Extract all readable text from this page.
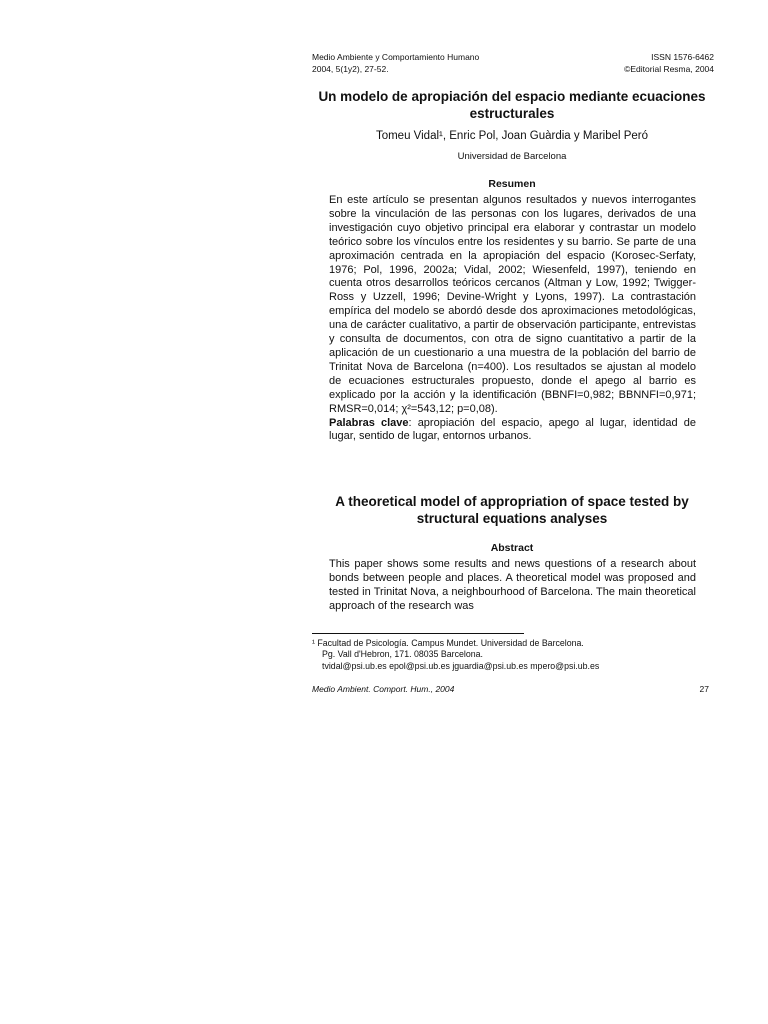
Medio Ambiente y Comportamiento Humano
2004, 5(1y2), 27-52.
ISSN 1576-6462
©Editorial Resma, 2004
Un modelo de apropiación del espacio mediante ecuaciones estructurales
Tomeu Vidal¹, Enric Pol, Joan Guàrdia y Maribel Peró
Universidad de Barcelona
Resumen
En este artículo se presentan algunos resultados y nuevos interrogantes sobre la vinculación de las personas con los lugares, derivados de una investigación cuyo objetivo principal era elaborar y contrastar un modelo teórico sobre los vínculos entre los residentes y su barrio. Se parte de una aproximación centrada en la apropiación del espacio (Korosec-Serfaty, 1976; Pol, 1996, 2002a; Vidal, 2002; Wiesenfeld, 1997), teniendo en cuenta otros desarrollos teóricos cercanos (Altman y Low, 1992; Twigger-Ross y Uzzell, 1996; Devine-Wright y Lyons, 1997). La contrastación empírica del modelo se abordó desde dos aproximaciones metodológicas, una de carácter cualitativo, a partir de observación participante, entrevistas y consulta de documentos, con otra de signo cuantitativo a partir de la aplicación de un cuestionario a una muestra de la población del barrio de Trinitat Nova de Barcelona (n=400). Los resultados se ajustan al modelo de ecuaciones estructurales propuesto, donde el apego al barrio es explicado por la acción y la identificación (BBNFI=0,982; BBNNFI=0,971; RMSR=0,014; χ²=543,12; p=0,08).
Palabras clave: apropiación del espacio, apego al lugar, identidad de lugar, sentido de lugar, entornos urbanos.
A theoretical model of appropriation of space tested by structural equations analyses
Abstract
This paper shows some results and news questions of a research about bonds between people and places. A theoretical model was proposed and tested in Trinitat Nova, a neighbourhood of Barcelona. The main theoretical approach of the research was
¹ Facultad de Psicología. Campus Mundet. Universidad de Barcelona.
Pg. Vall d'Hebron, 171. 08035 Barcelona.
tvidal@psi.ub.es epol@psi.ub.es jguardia@psi.ub.es mpero@psi.ub.es
Medio Ambient. Comport. Hum., 2004	27
